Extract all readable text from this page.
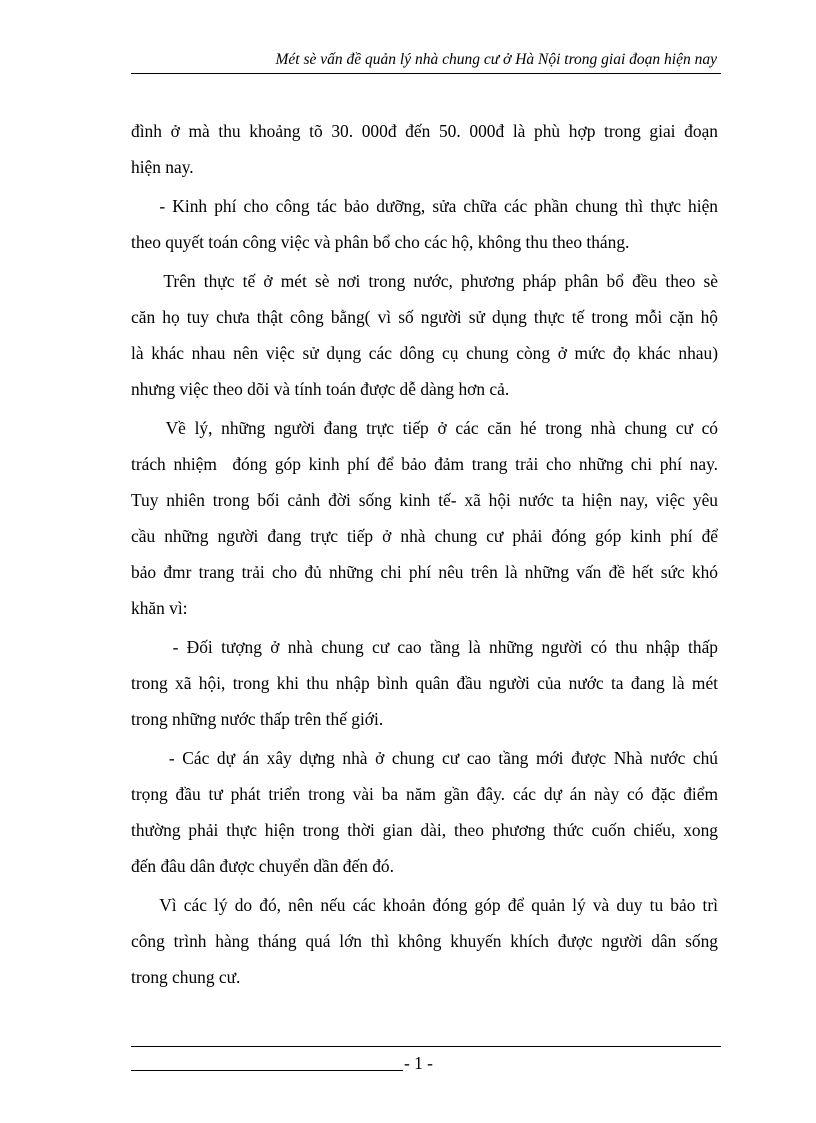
Mét sè vấn đề quản lý nhà chung cư ở Hà Nội trong giai đoạn hiện nay

đình ở mà thu khoảng tõ 30. 000đ đến 50. 000đ là phù hợp trong giai đoạn
hiện nay.

- Kinh phí cho công tác bảo dưỡng, sửa chữa các phần chung thì thực hiện
theo quyết toán công việc và phân bổ cho các hộ, không thu theo tháng.

Trên thực tế ở mét sè nơi trong nước, phương pháp phân bổ đều theo sè
căn họ tuy chưa thật công bằng( vì số người sử dụng thực tế trong mỗi cặn hộ
là khác nhau nên việc sử dụng các dông cụ chung còng ở mức đọ khác nhau)
nhưng việc theo dõi và tính toán được dễ dàng hơn cả.

Về lý, những người đang trực tiếp ở các căn hé trong nhà chung cư có
trách nhiệm  đóng góp kinh phí để bảo đảm trang trải cho những chi phí nay.
Tuy nhiên trong bối cảnh đời sống kinh tế- xã hội nước ta hiện nay, việc yêu
cầu những người đang trực tiếp ở nhà chung cư phải đóng góp kinh phí để
bảo đmr trang trải cho đủ những chi phí nêu trên là những vấn đề hết sức khó
khăn vì:

- Đối tượng ở nhà chung cư cao tầng là những người có thu nhập thấp
trong xã hội, trong khi thu nhập bình quân đầu người của nước ta đang là mét
trong những nước thấp trên thế giới.

- Các dự án xây dựng nhà ở chung cư cao tầng mới được Nhà nước chú
trọng đầu tư phát triển trong vài ba năm gần đây. các dự án này có đặc điểm
thường phải thực hiện trong thời gian dài, theo phương thức cuốn chiếu, xong
đến đâu dân được chuyển dần đến đó.

Vì các lý do đó, nên nếu các khoản đóng góp để quản lý và duy tu bảo trì
công trình hàng tháng quá lớn thì không khuyến khích được người dân sống
trong chung cư.

- 1 -
